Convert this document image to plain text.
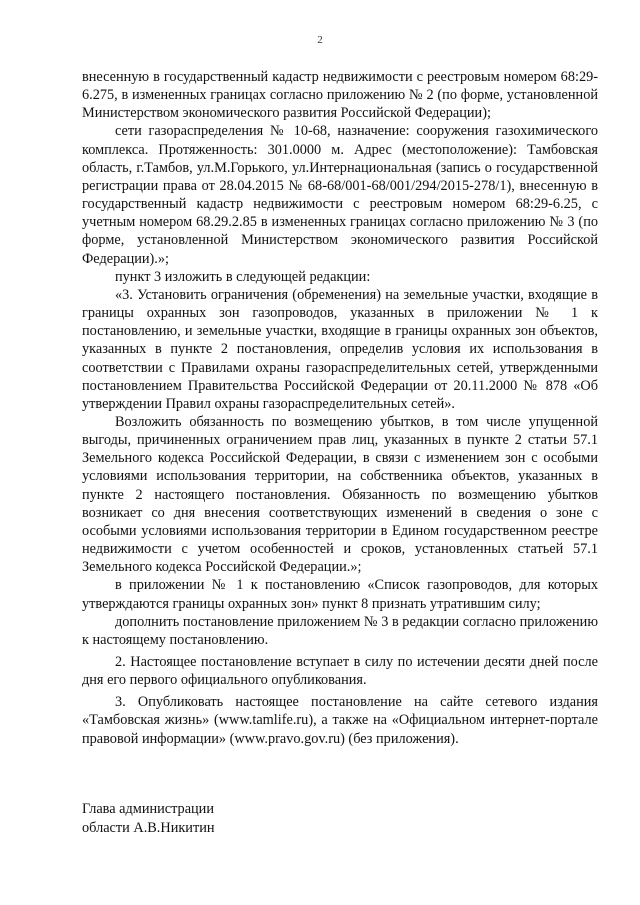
2

внесенную в государственный кадастр недвижимости с реестровым номером 68:29-6.275, в измененных границах согласно приложению № 2 (по форме, установленной Министерством экономического развития Российской Федерации);

сети газораспределения № 10-68, назначение: сооружения газохимического комплекса. Протяженность: 301.0000 м. Адрес (местоположение): Тамбовская область, г.Тамбов, ул.М.Горького, ул.Интернациональная (запись о государственной регистрации права от 28.04.2015 № 68-68/001-68/001/294/2015-278/1), внесенную в государственный кадастр недвижимости с реестровым номером 68:29-6.25, с учетным номером 68.29.2.85 в измененных границах согласно приложению № 3 (по форме, установленной Министерством экономического развития Российской Федерации).»;

пункт 3 изложить в следующей редакции:

«3. Установить ограничения (обременения) на земельные участки, входящие в границы охранных зон газопроводов, указанных в приложении № 1 к постановлению, и земельные участки, входящие в границы охранных зон объектов, указанных в пункте 2 постановления, определив условия их использования в соответствии с Правилами охраны газораспределительных сетей, утвержденными постановлением Правительства Российской Федерации от 20.11.2000 № 878 «Об утверждении Правил охраны газораспределительных сетей».

Возложить обязанность по возмещению убытков, в том числе упущенной выгоды, причиненных ограничением прав лиц, указанных в пункте 2 статьи 57.1 Земельного кодекса Российской Федерации, в связи с изменением зон с особыми условиями использования территории, на собственника объектов, указанных в пункте 2 настоящего постановления. Обязанность по возмещению убытков возникает со дня внесения соответствующих изменений в сведения о зоне с особыми условиями использования территории в Едином государственном реестре недвижимости с учетом особенностей и сроков, установленных статьей 57.1 Земельного кодекса Российской Федерации.»;

в приложении № 1 к постановлению «Список газопроводов, для которых утверждаются границы охранных зон» пункт 8 признать утратившим силу;

дополнить постановление приложением № 3 в редакции согласно приложению к настоящему постановлению.

2. Настоящее постановление вступает в силу по истечении десяти дней после дня его первого официального опубликования.

3. Опубликовать настоящее постановление на сайте сетевого издания «Тамбовская жизнь» (www.tamlife.ru), а также на «Официальном интернет-портале правовой информации» (www.pravo.gov.ru) (без приложения).

Глава администрации
области А.В.Никитин
